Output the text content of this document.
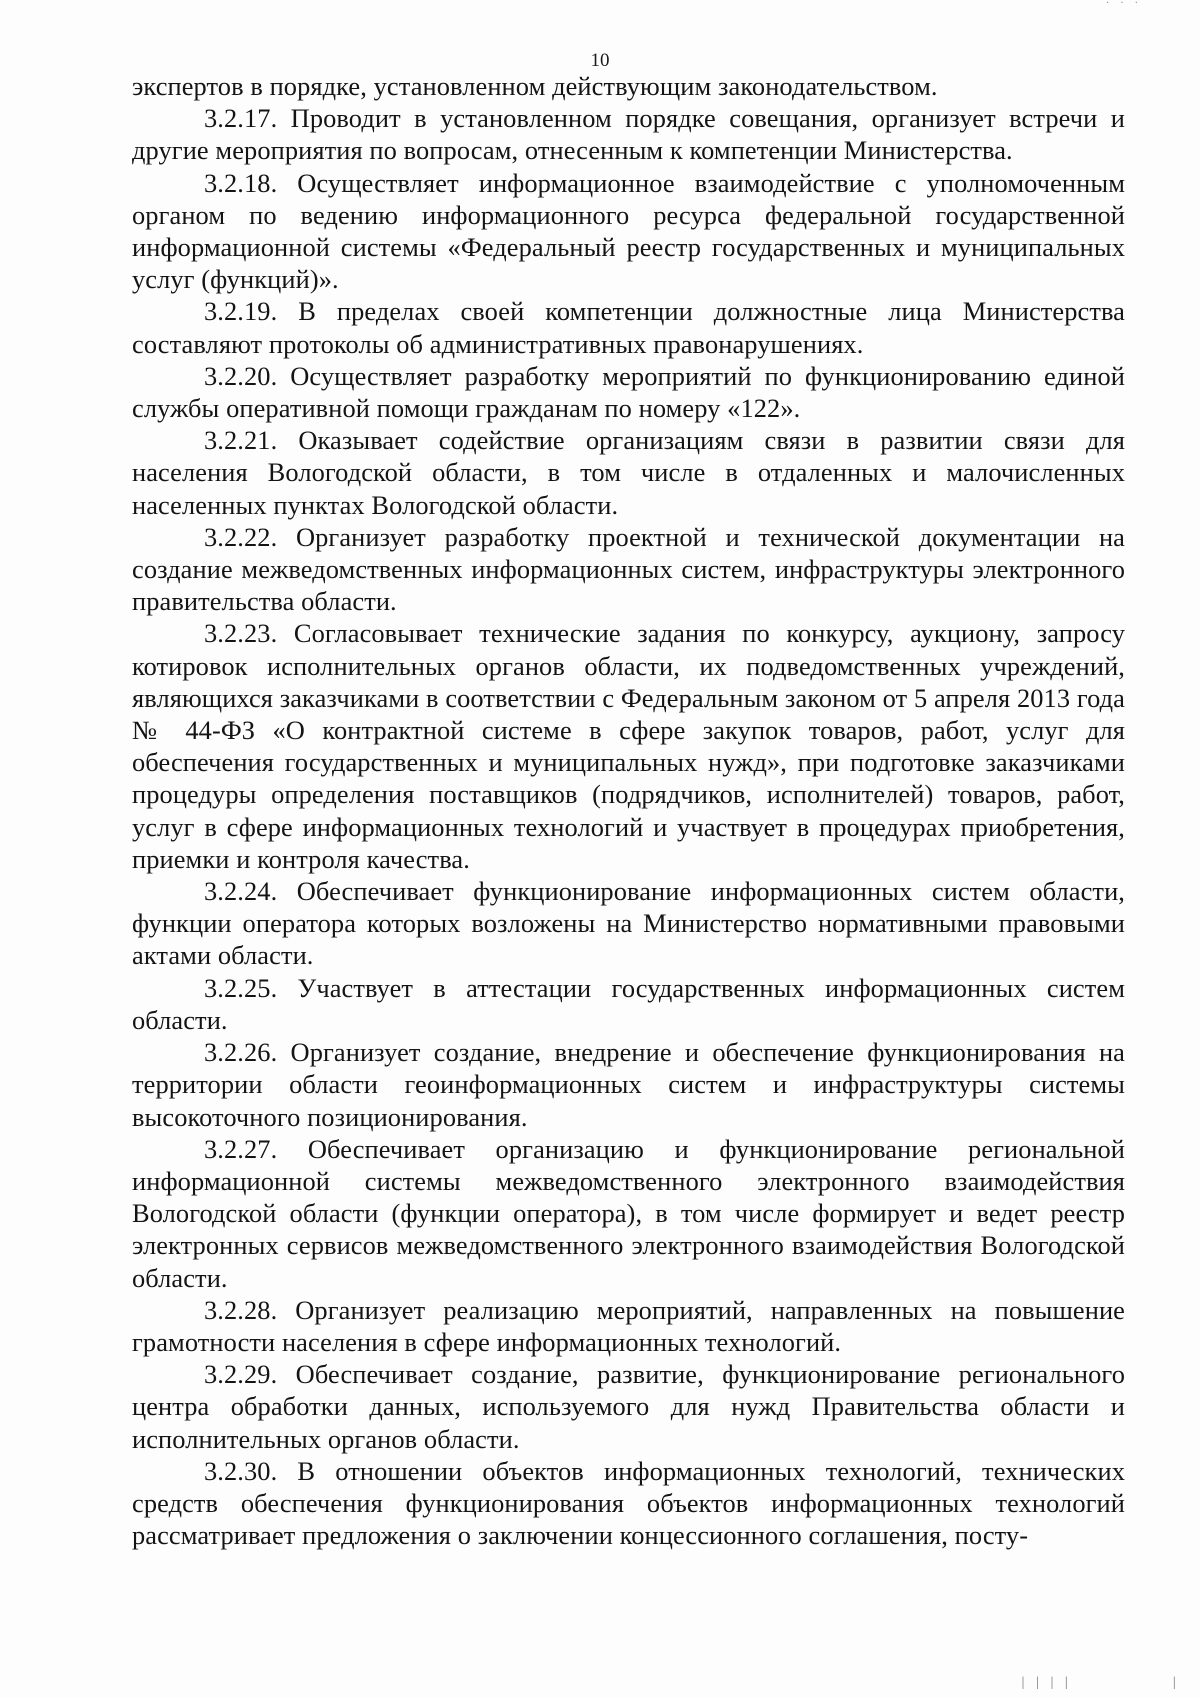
10

экспертов в порядке, установленном действующим законодательством.

3.2.17. Проводит в установленном порядке совещания, организует встречи и другие мероприятия по вопросам, отнесенным к компетенции Министерства.

3.2.18. Осуществляет информационное взаимодействие с уполномоченным органом по ведению информационного ресурса федеральной государственной информационной системы «Федеральный реестр государственных и муниципальных услуг (функций)».

3.2.19. В пределах своей компетенции должностные лица Министерства составляют протоколы об административных правонарушениях.

3.2.20. Осуществляет разработку мероприятий по функционированию единой службы оперативной помощи гражданам по номеру «122».

3.2.21. Оказывает содействие организациям связи в развитии связи для населения Вологодской области, в том числе в отдаленных и малочисленных населенных пунктах Вологодской области.

3.2.22. Организует разработку проектной и технической документации на создание межведомственных информационных систем, инфраструктуры электронного правительства области.

3.2.23. Согласовывает технические задания по конкурсу, аукциону, запросу котировок исполнительных органов области, их подведомственных учреждений, являющихся заказчиками в соответствии с Федеральным законом от 5 апреля 2013 года № 44-ФЗ «О контрактной системе в сфере закупок товаров, работ, услуг для обеспечения государственных и муниципальных нужд», при подготовке заказчиками процедуры определения поставщиков (подрядчиков, исполнителей) товаров, работ, услуг в сфере информационных технологий и участвует в процедурах приобретения, приемки и контроля качества.

3.2.24. Обеспечивает функционирование информационных систем области, функции оператора которых возложены на Министерство нормативными правовыми актами области.

3.2.25. Участвует в аттестации государственных информационных систем области.

3.2.26. Организует создание, внедрение и обеспечение функционирования на территории области геоинформационных систем и инфраструктуры системы высокоточного позиционирования.

3.2.27. Обеспечивает организацию и функционирование региональной информационной системы межведомственного электронного взаимодействия Вологодской области (функции оператора), в том числе формирует и ведет реестр электронных сервисов межведомственного электронного взаимодействия Вологодской области.

3.2.28. Организует реализацию мероприятий, направленных на повышение грамотности населения в сфере информационных технологий.

3.2.29. Обеспечивает создание, развитие, функционирование регионального центра обработки данных, используемого для нужд Правительства области и исполнительных органов области.

3.2.30. В отношении объектов информационных технологий, технических средств обеспечения функционирования объектов информационных технологий рассматривает предложения о заключении концессионного соглашения, посту-

˙ ˙ ˙
| | | |	|
